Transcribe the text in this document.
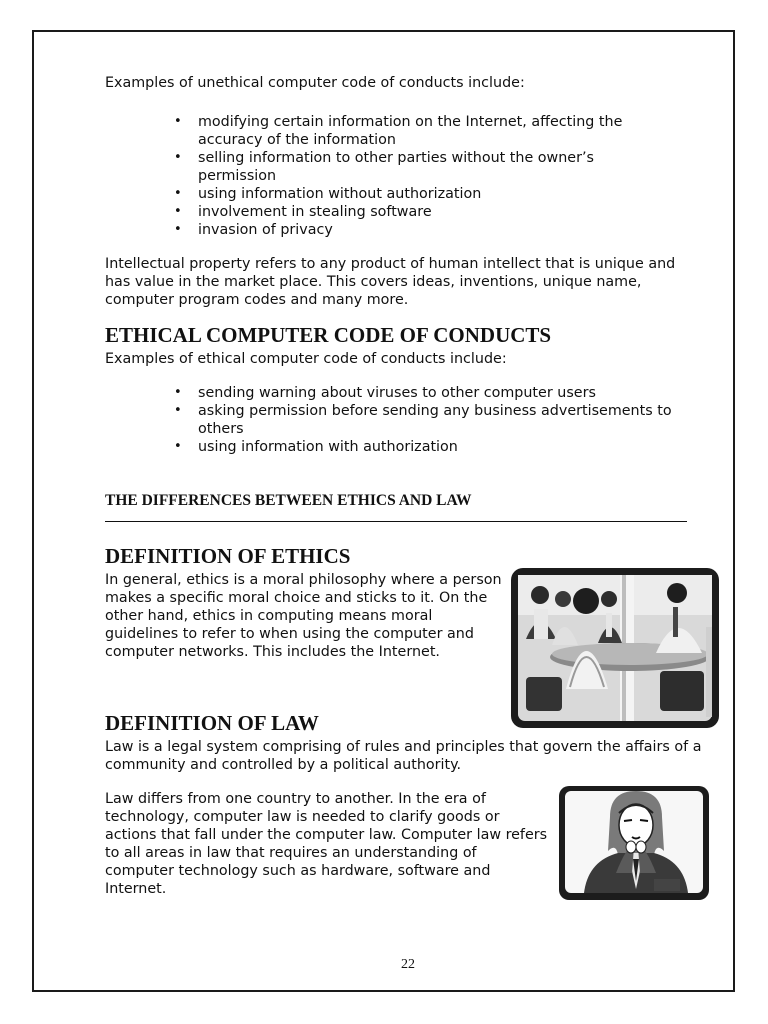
Examples of unethical computer code of conducts include:

•	modifying certain information on the Internet, affecting the accuracy of the information
•	selling information to other parties without the owner’s permission
•	using information without authorization
•	involvement in stealing software
•	invasion of privacy

Intellectual property refers to any product of human intellect that is unique and has value in the market place. This covers ideas, inventions, unique name, computer program codes and many more.

ETHICAL COMPUTER CODE OF CONDUCTS

Examples of ethical computer code of conducts include:

•	sending warning about viruses to other computer users
•	asking permission before sending any business advertisements to others
•	using information with authorization
THE DIFFERENCES BETWEEN ETHICS AND LAW
DEFINITION OF ETHICS

In general, ethics is a moral philosophy where a person makes a specific moral choice and sticks to it. On the other hand, ethics in computing means moral guidelines to refer to when using the computer and computer networks. This includes the Internet.

DEFINITION OF LAW

Law is a legal system comprising of rules and principles that govern the affairs of a community and controlled by a political authority.

Law differs from one country to another. In the era of technology, computer law is needed to clarify goods or actions that fall under the computer law. Computer law refers to all areas in law that requires an understanding of computer technology such as hardware, software and Internet.

22
